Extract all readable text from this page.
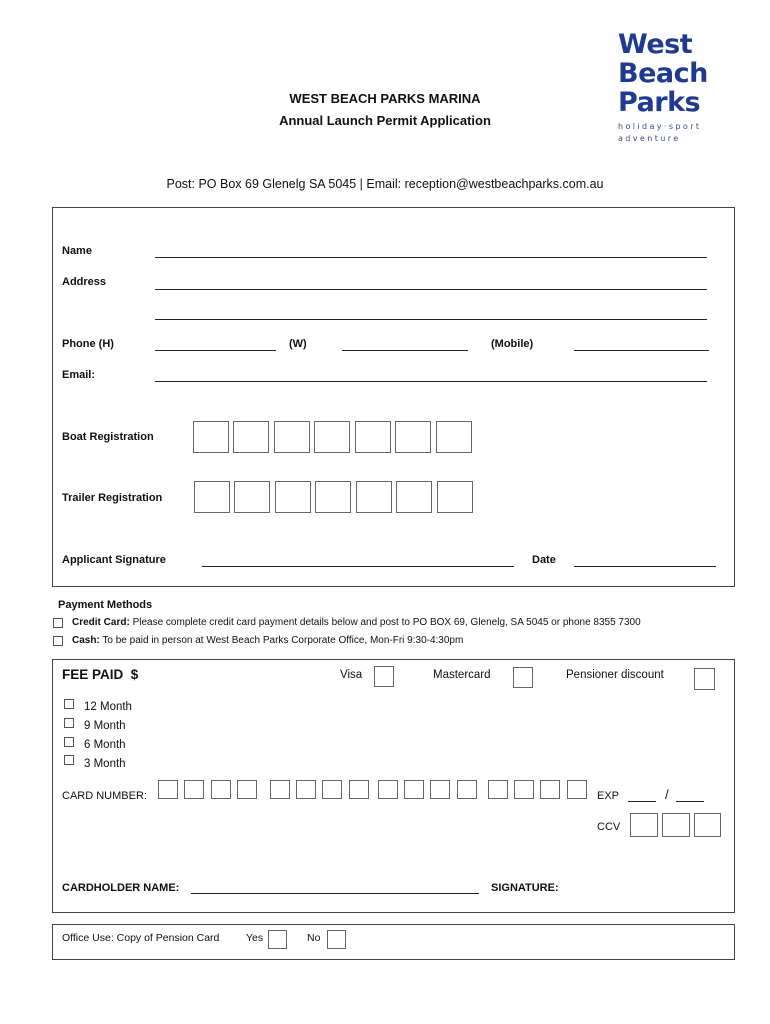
West
Beach
Parks
holiday·sport
adventure
WEST BEACH PARKS MARINA
Annual Launch Permit Application
Post: PO Box 69 Glenelg SA 5045 | Email: reception@westbeachparks.com.au
Name
Address
Phone (H)	(W)	(Mobile)
Email:
Boat Registration
Trailer Registration
Applicant Signature	Date
Payment Methods
Credit Card: Please complete credit card payment details below and post to PO BOX 69, Glenelg, SA 5045 or phone 8355 7300
Cash: To be paid in person at West Beach Parks Corporate Office, Mon-Fri 9:30-4:30pm
FEE PAID  $	Visa	Mastercard	Pensioner discount
12 Month
9 Month
6 Month
3 Month
CARD NUMBER:	EXP	/
CCV
CARDHOLDER NAME:	SIGNATURE:
Office Use: Copy of Pension Card	Yes	No
